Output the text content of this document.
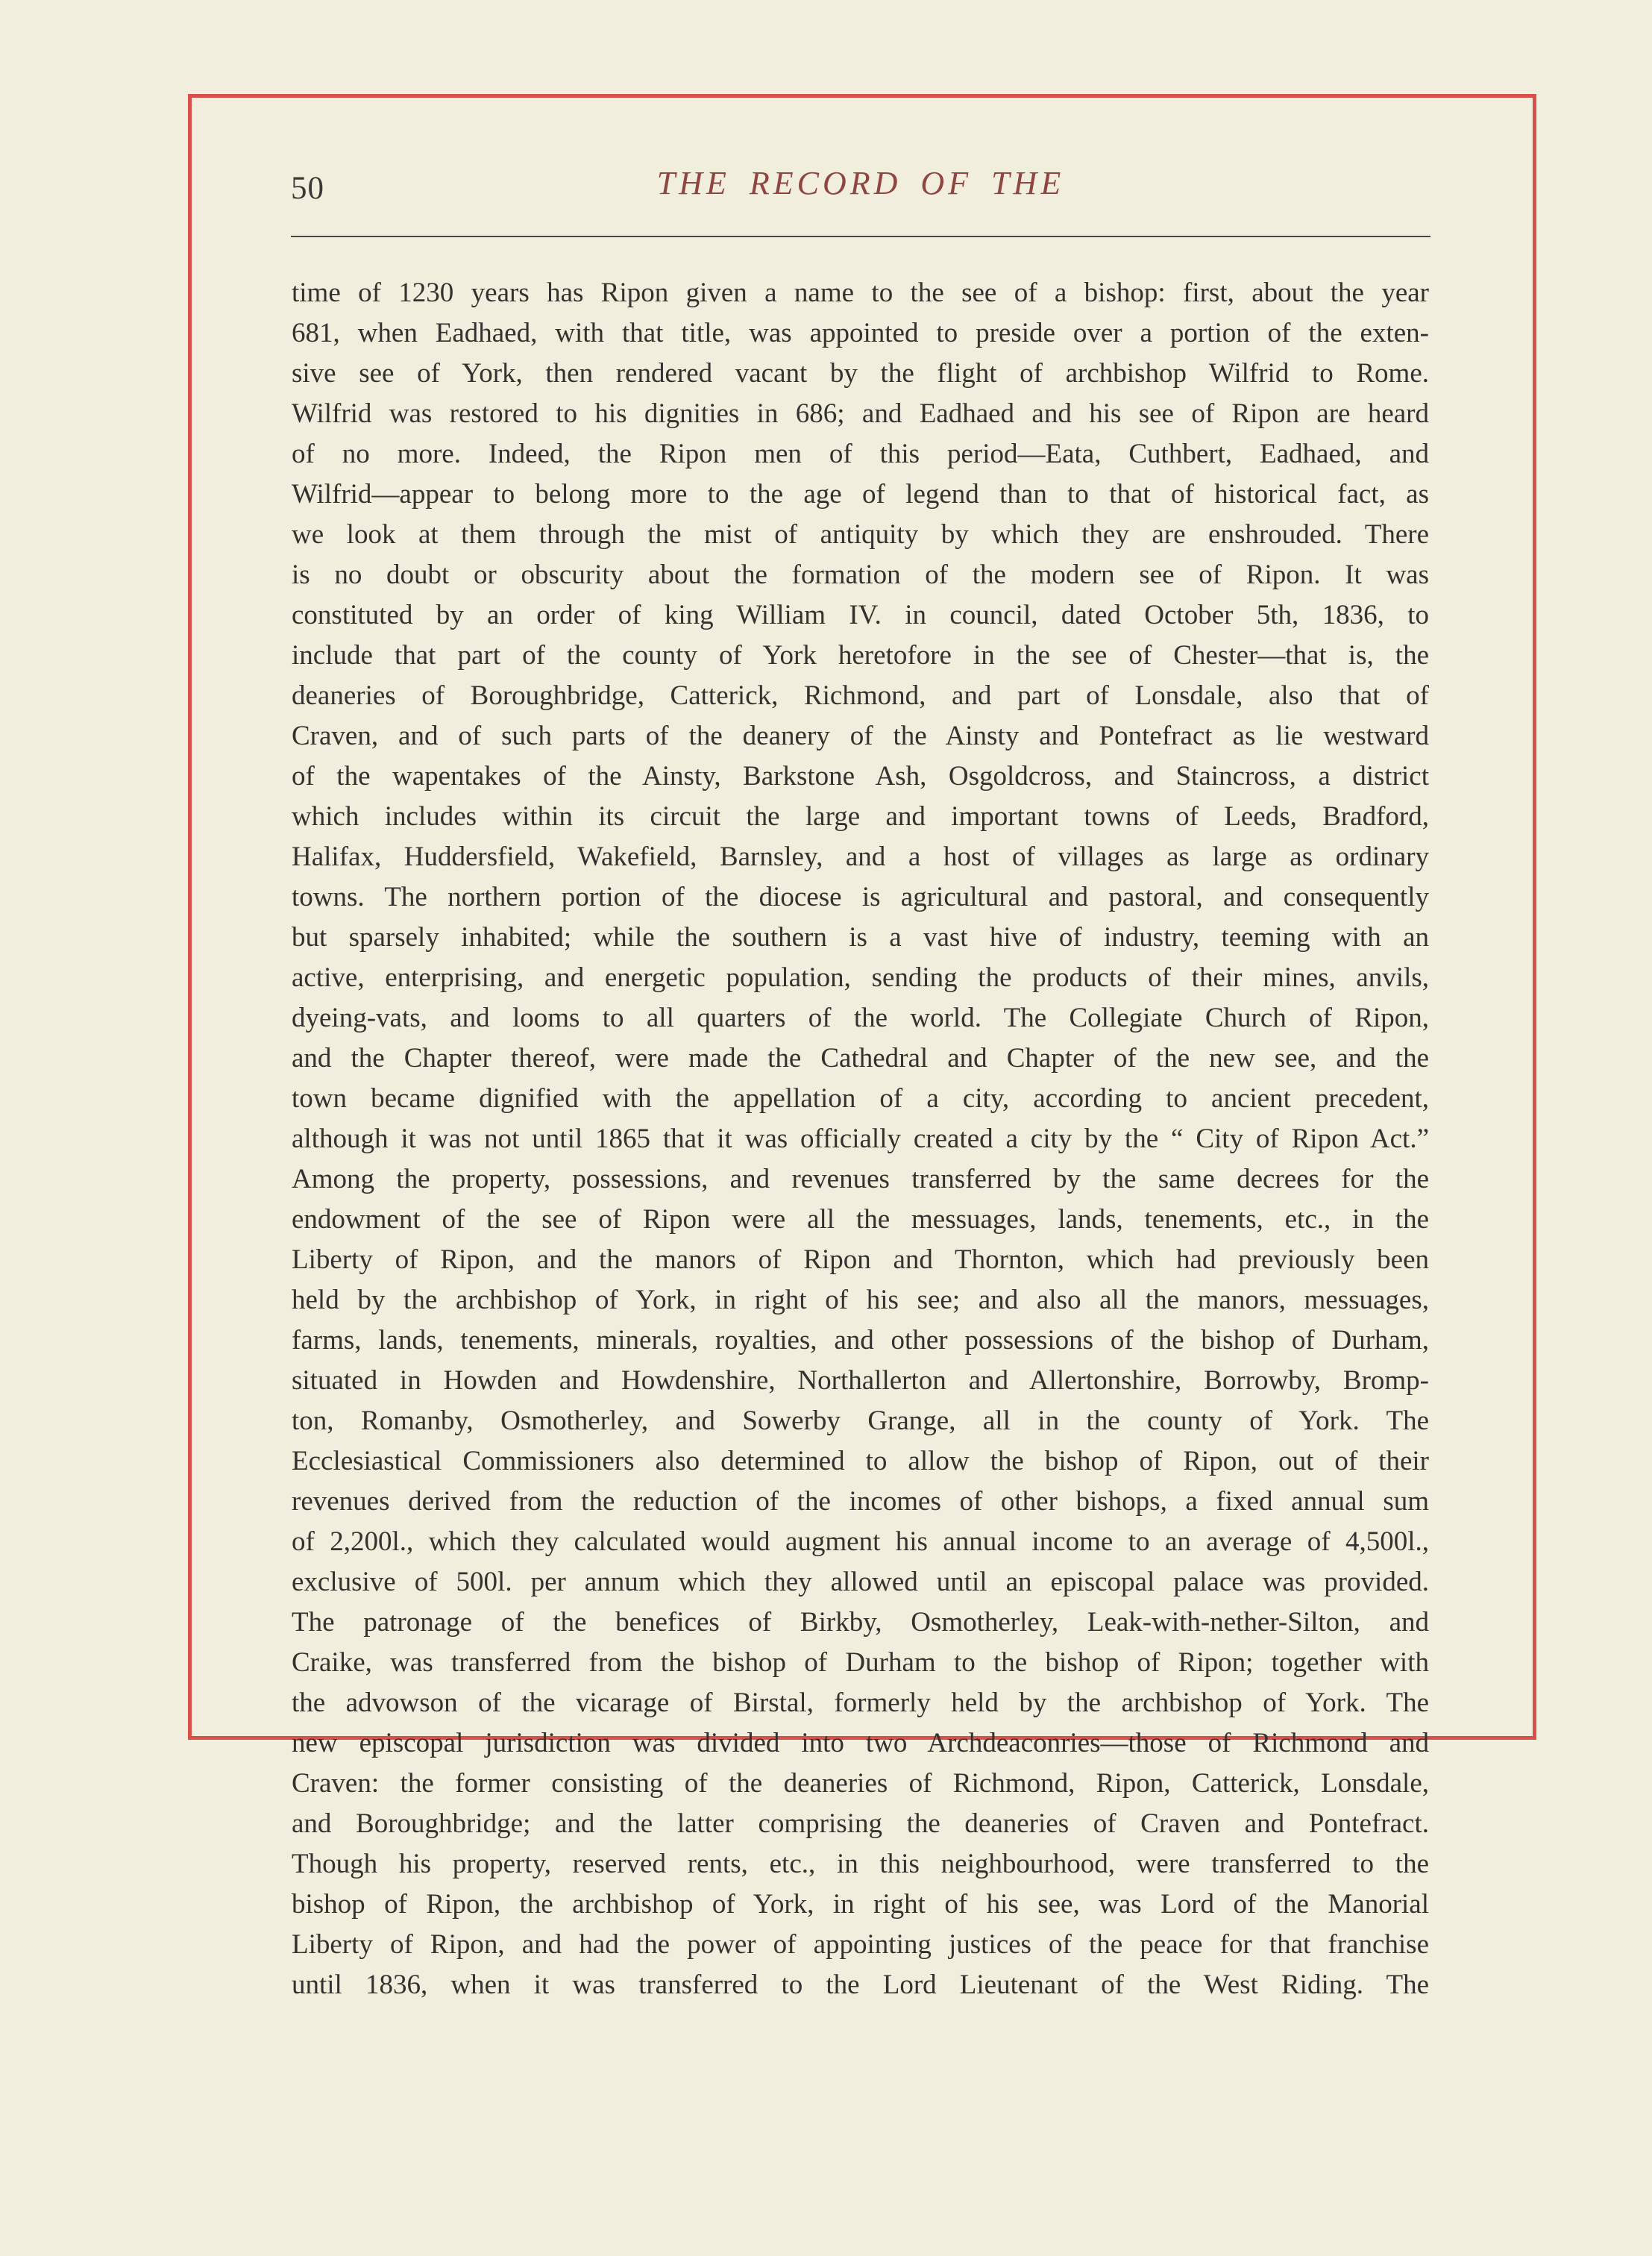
50	THE RECORD OF THE
time of 1230 years has Ripon given a name to the see of a bishop: first, about the year
681, when Eadhaed, with that title, was appointed to preside over a portion of the exten-
sive see of York, then rendered vacant by the flight of archbishop Wilfrid to Rome.
Wilfrid was restored to his dignities in 686; and Eadhaed and his see of Ripon are heard
of no more. Indeed, the Ripon men of this period—Eata, Cuthbert, Eadhaed, and
Wilfrid—appear to belong more to the age of legend than to that of historical fact, as
we look at them through the mist of antiquity by which they are enshrouded. There
is no doubt or obscurity about the formation of the modern see of Ripon. It was
constituted by an order of king William IV. in council, dated October 5th, 1836, to
include that part of the county of York heretofore in the see of Chester—that is, the
deaneries of Boroughbridge, Catterick, Richmond, and part of Lonsdale, also that of
Craven, and of such parts of the deanery of the Ainsty and Pontefract as lie westward
of the wapentakes of the Ainsty, Barkstone Ash, Osgoldcross, and Staincross, a district
which includes within its circuit the large and important towns of Leeds, Bradford,
Halifax, Huddersfield, Wakefield, Barnsley, and a host of villages as large as ordinary
towns. The northern portion of the diocese is agricultural and pastoral, and consequently
but sparsely inhabited; while the southern is a vast hive of industry, teeming with an
active, enterprising, and energetic population, sending the products of their mines, anvils,
dyeing-vats, and looms to all quarters of the world. The Collegiate Church of Ripon,
and the Chapter thereof, were made the Cathedral and Chapter of the new see, and the
town became dignified with the appellation of a city, according to ancient precedent,
although it was not until 1865 that it was officially created a city by the “ City of Ripon Act.”
Among the property, possessions, and revenues transferred by the same decrees for the
endowment of the see of Ripon were all the messuages, lands, tenements, etc., in the
Liberty of Ripon, and the manors of Ripon and Thornton, which had previously been
held by the archbishop of York, in right of his see; and also all the manors, messuages,
farms, lands, tenements, minerals, royalties, and other possessions of the bishop of Durham,
situated in Howden and Howdenshire, Northallerton and Allertonshire, Borrowby, Bromp-
ton, Romanby, Osmotherley, and Sowerby Grange, all in the county of York. The
Ecclesiastical Commissioners also determined to allow the bishop of Ripon, out of their
revenues derived from the reduction of the incomes of other bishops, a fixed annual sum
of 2,200l., which they calculated would augment his annual income to an average of 4,500l.,
exclusive of 500l. per annum which they allowed until an episcopal palace was provided.
The patronage of the benefices of Birkby, Osmotherley, Leak-with-nether-Silton, and
Craike, was transferred from the bishop of Durham to the bishop of Ripon; together with
the advowson of the vicarage of Birstal, formerly held by the archbishop of York. The
new episcopal jurisdiction was divided into two Archdeaconries—those of Richmond and
Craven: the former consisting of the deaneries of Richmond, Ripon, Catterick, Lonsdale,
and Boroughbridge; and the latter comprising the deaneries of Craven and Pontefract.
Though his property, reserved rents, etc., in this neighbourhood, were transferred to the
bishop of Ripon, the archbishop of York, in right of his see, was Lord of the Manorial
Liberty of Ripon, and had the power of appointing justices of the peace for that franchise
until 1836, when it was transferred to the Lord Lieutenant of the West Riding. The
